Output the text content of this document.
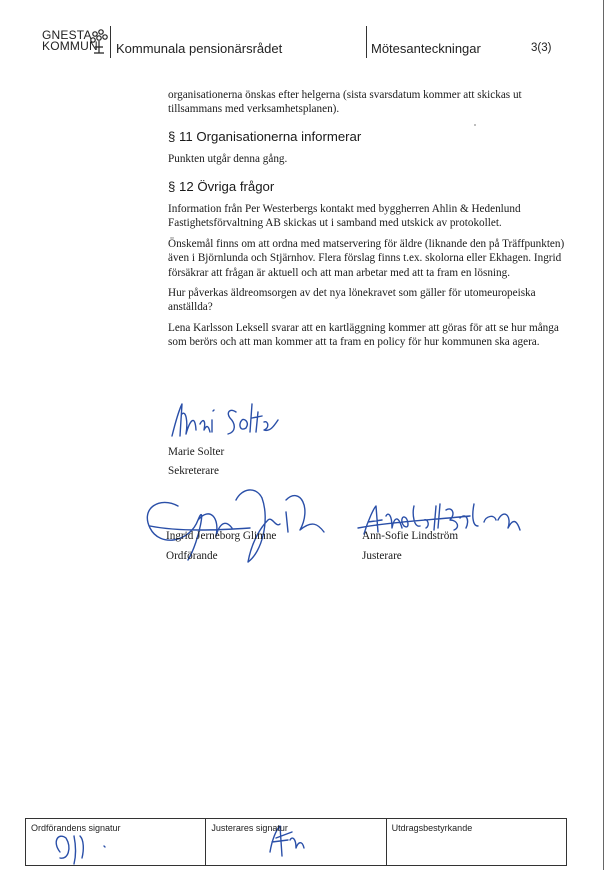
GNESTA
KOMMUN Kommunala pensionärsrådet	Mötesanteckningar	3(3)

organisationerna önskas efter helgerna (sista svarsdatum kommer att skickas ut tillsammans med verksamhetsplanen).

§ 11 Organisationerna informerar

Punkten utgår denna gång.

§ 12 Övriga frågor

Information från Per Westerbergs kontakt med byggherren Ahlin & Hedenlund Fastighetsförvaltning AB skickas ut i samband med utskick av protokollet.

Önskemål finns om att ordna med matservering för äldre (liknande den på Träffpunkten) även i Björnlunda och Stjärnhov. Flera förslag finns t.ex. skolorna eller Ekhagen. Ingrid försäkrar att frågan är aktuell och att man arbetar med att ta fram en lösning.

Hur påverkas äldreomsorgen av det nya lönekravet som gäller för utomeuropeiska anställda?

Lena Karlsson Leksell svarar att en kartläggning kommer att göras för att se hur många som berörs och att man kommer att ta fram en policy för hur kommunen ska agera.

Marie Solter
Sekreterare
Ingrid Jerneborg Glimne
Ordförande
Ann-Sofie Lindström
Justerare
Ordförandens signatur	Justerares signatur	Utdragsbestyrkande
